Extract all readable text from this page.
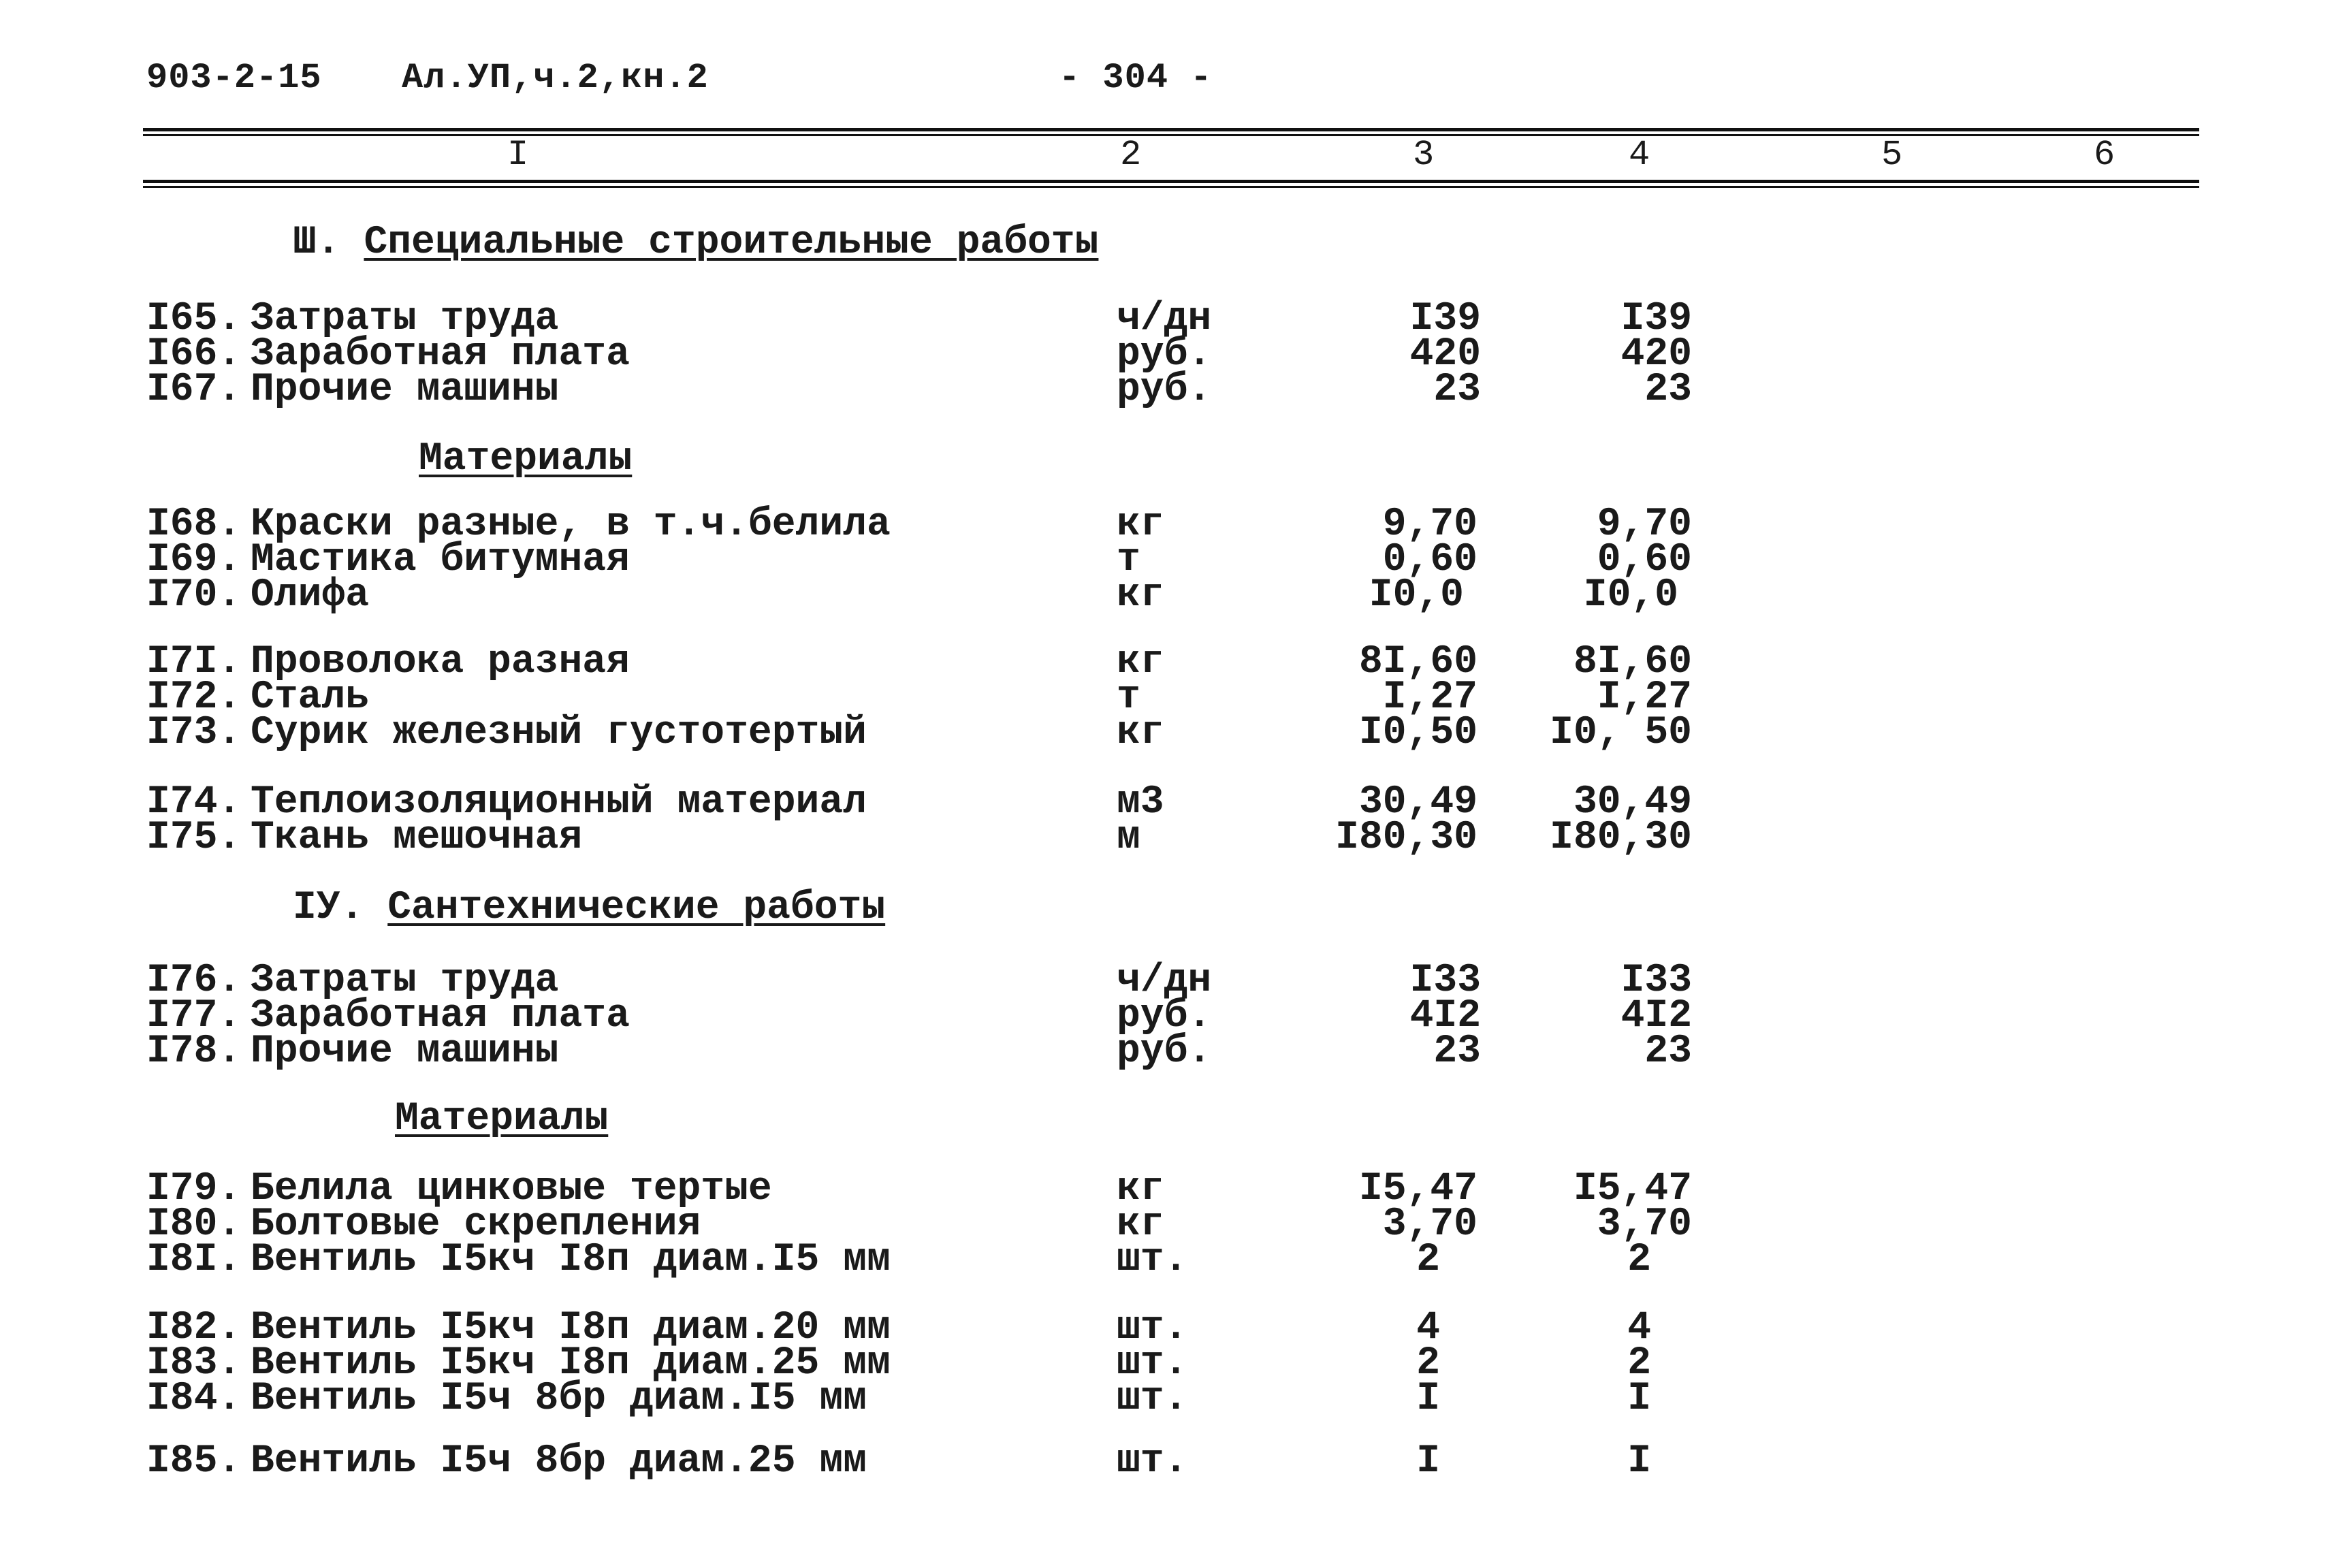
903-2-15 Ал.УП,ч.2,кн.2	- 304 -
I	2	3	4	5	6
Ш. Специальные строительные работы
I65. Затраты труда	ч/дн	I39	I39
I66. Заработная плата	руб.	420	420
I67. Прочие машины	руб.	23	23
Материалы
I68. Краски разные, в т.ч.белила	кг	9,70	9,70
I69. Мастика битумная	т	0,60	0,60
I70. Олифа	кг	I0,0	I0,0
I7I. Проволока разная	кг	8I,60 8I,60
I72. Сталь	т	I,27	I,27
I73. Сурик железный густотертый	кг	I0,50 I0, 50
I74. Теплоизоляционный материал	м3	30,49 30,49
I75. Ткань мешочная	м	I80,30 I80,30
IУ. Сантехнические работы
I76. Затраты труда	ч/дн	I33	I33
I77. Заработная плата	руб.	4I2	4I2
I78. Прочие машины	руб.	23	23
Материалы
I79. Белила цинковые тертые	кг	I5,47 I5,47
I80. Болтовые скрепления	кг	3,70	3,70
I8I. Вентиль I5кч I8п диам.I5 мм	шт.	2	2
I82. Вентиль I5кч I8п диам.20 мм	шт.	4	4
I83. Вентиль I5кч I8п диам.25 мм	шт.	2	2
I84. Вентиль I5ч 8бр диам.I5 мм	шт.	I	I
I85. Вентиль I5ч 8бр диам.25 мм	шт.	I	I
